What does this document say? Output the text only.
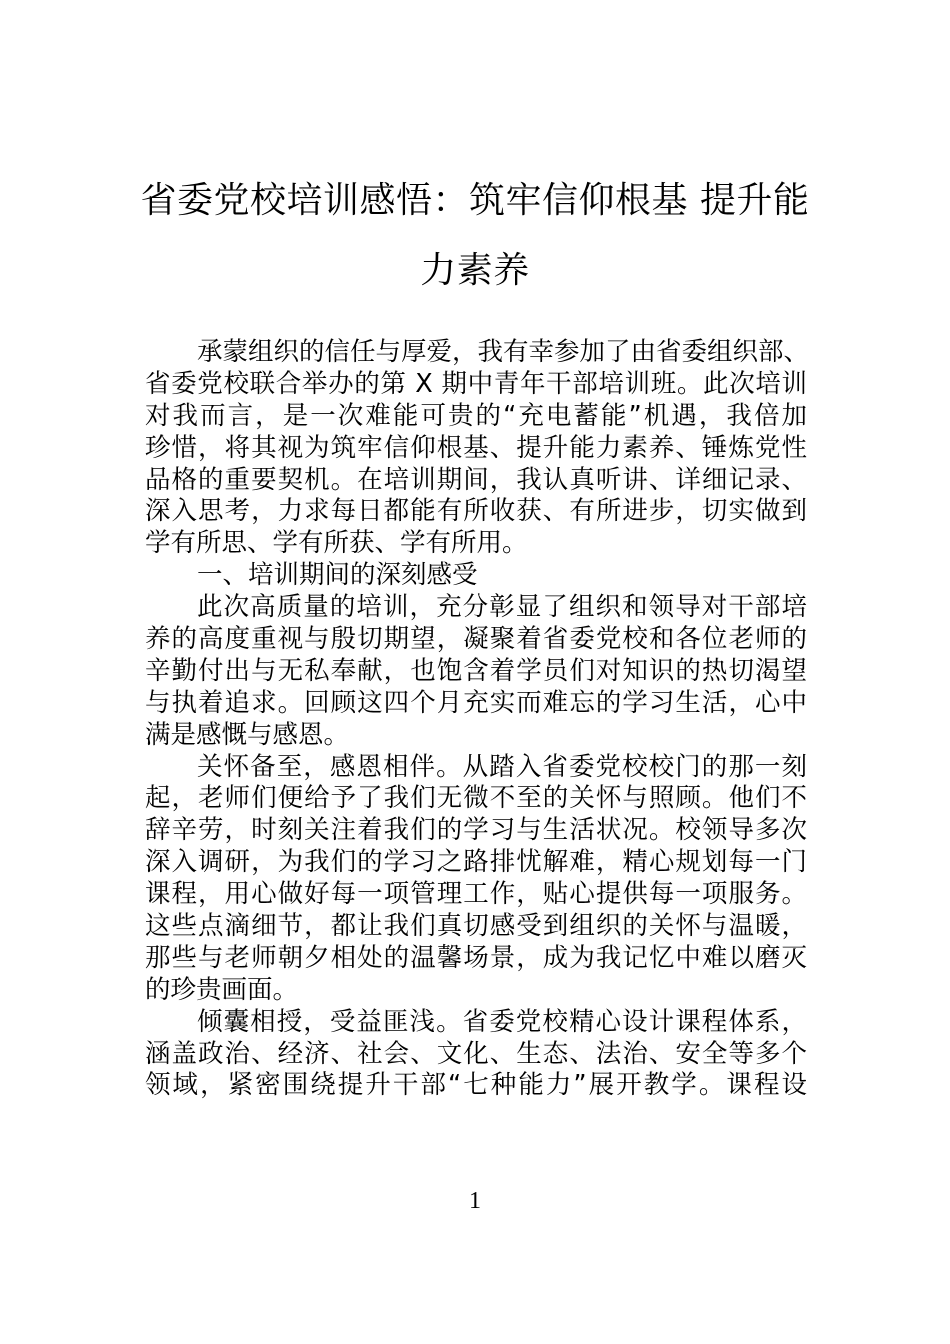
省委党校培训感悟：筑牢信仰根基 提升能
力素养
承蒙组织的信任与厚爱，我有幸参加了由省委组织部、
省委党校联合举办的第 X 期中青年干部培训班。此次培训
对我而言，是一次难能可贵的“充电蓄能”机遇，我倍加
珍惜，将其视为筑牢信仰根基、提升能力素养、锤炼党性
品格的重要契机。在培训期间，我认真听讲、详细记录、
深入思考，力求每日都能有所收获、有所进步，切实做到
学有所思、学有所获、学有所用。
一、培训期间的深刻感受
此次高质量的培训，充分彰显了组织和领导对干部培
养的高度重视与殷切期望，凝聚着省委党校和各位老师的
辛勤付出与无私奉献，也饱含着学员们对知识的热切渴望
与执着追求。回顾这四个月充实而难忘的学习生活，心中
满是感慨与感恩。
关怀备至，感恩相伴。从踏入省委党校校门的那一刻
起，老师们便给予了我们无微不至的关怀与照顾。他们不
辞辛劳，时刻关注着我们的学习与生活状况。校领导多次
深入调研，为我们的学习之路排忧解难，精心规划每一门
课程，用心做好每一项管理工作，贴心提供每一项服务。
这些点滴细节，都让我们真切感受到组织的关怀与温暖，
那些与老师朝夕相处的温馨场景，成为我记忆中难以磨灭
的珍贵画面。
倾囊相授，受益匪浅。省委党校精心设计课程体系，
涵盖政治、经济、社会、文化、生态、法治、安全等多个
领域，紧密围绕提升干部“七种能力”展开教学。课程设
1
